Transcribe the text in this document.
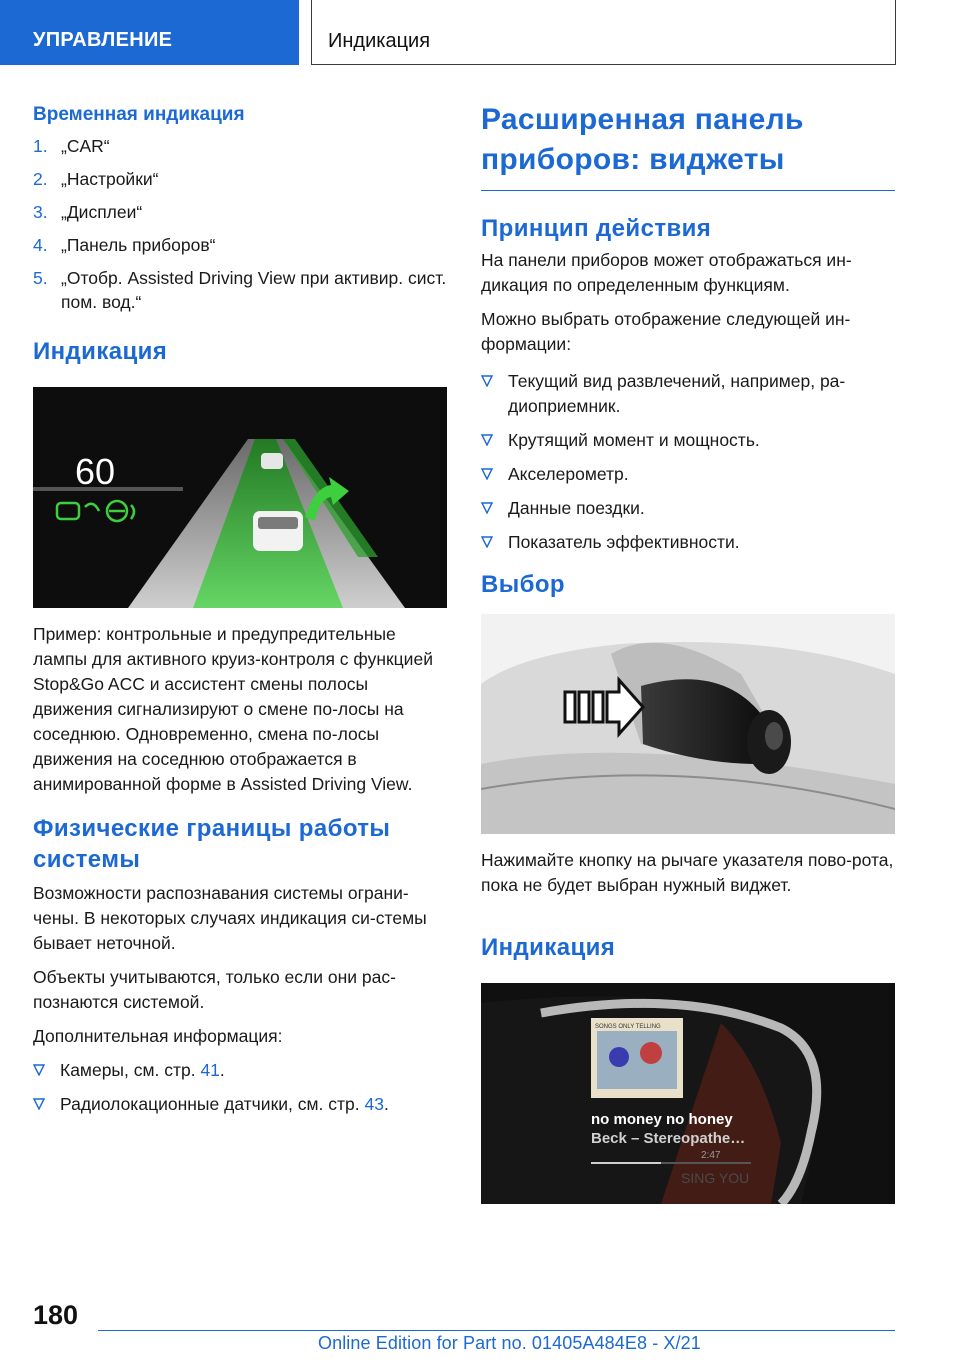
УПРАВЛЕНИЕ	Индикация
Временная индикация
1. „CAR“
2. „Настройки“
3. „Дисплеи“
4. „Панель приборов“
5. „Отобр. Assisted Driving View при активир. сист. пом. вод.“
Индикация
60

Пример: контрольные и предупредительные лампы для активного круиз-контроля с функцией Stop&Go ACC и ассистент смены полосы движения сигнализируют о смене по-лосы на соседнюю. Одновременно, смена по-лосы движения на соседнюю отображается в анимированной форме в Assisted Driving View.

Физические границы работы системы

Возможности распознавания системы ограни-чены. В некоторых случаях индикация си-стемы бывает неточной.

Объекты учитываются, только если они рас-познаются системой.

Дополнительная информация:

Камеры, см. стр. 41.
Радиолокационные датчики, см. стр. 43.
Расширенная панель приборов: виджеты
Принцип действия

На панели приборов может отображаться ин-дикация по определенным функциям.

Можно выбрать отображение следующей ин-формации:

Текущий вид развлечений, например, ра-диоприемник.
Крутящий момент и мощность.
Акселерометр.
Данные поездки.
Показатель эффективности.
Выбор

Нажимайте кнопку на рычаге указателя пово-рота, пока не будет выбран нужный виджет.

Индикация
SONGS ONLY TELLING
no money no honey
Beck – Stereopathe…
2:47
SING YOU
180
Online Edition for Part no. 01405A484E8 - X/21
